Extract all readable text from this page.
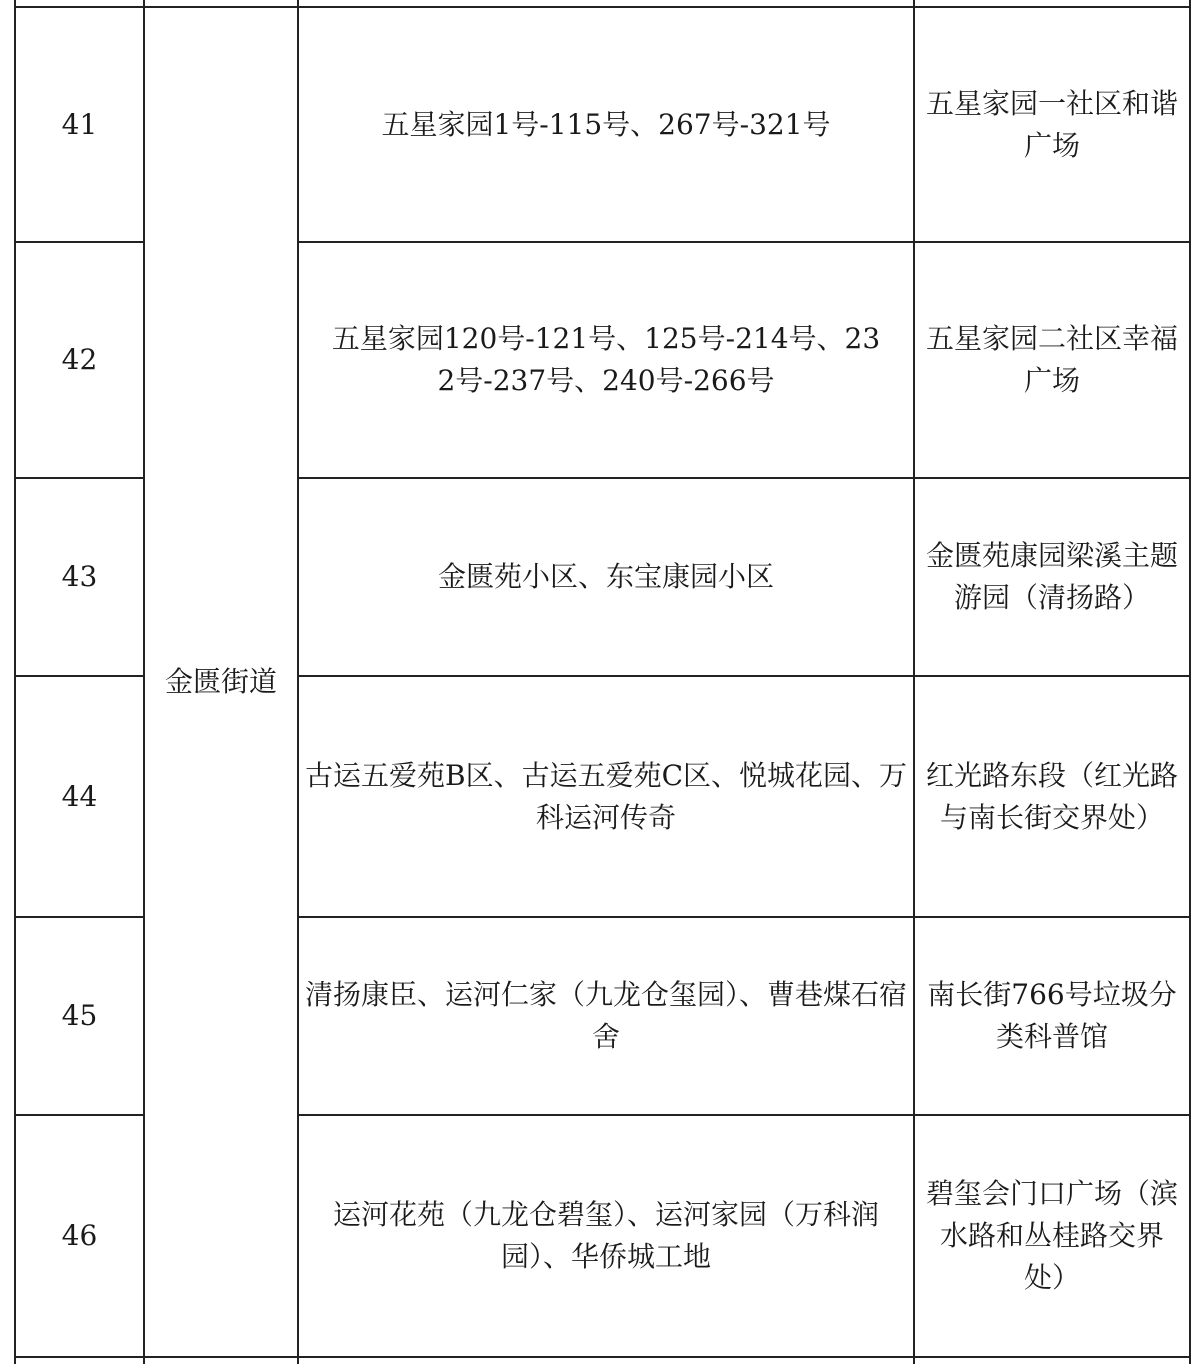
41	金匮街道	五星家园1号-115号、267号-321号	五星家园一社区和谐广场
42		五星家园120号-121号、125号-214号、232号-237号、240号-266号	五星家园二社区幸福广场
43		金匮苑小区、东宝康园小区	金匮苑康园梁溪主题游园（清扬路）
44		古运五爱苑B区、古运五爱苑C区、悦城花园、万科运河传奇	红光路东段（红光路与南长街交界处）
45		清扬康臣、运河仁家（九龙仓玺园）、曹巷煤石宿舍	南长街766号垃圾分类科普馆
46		运河花苑（九龙仓碧玺）、运河家园（万科润园）、华侨城工地	碧玺会门口广场（滨水路和丛桂路交界处）
